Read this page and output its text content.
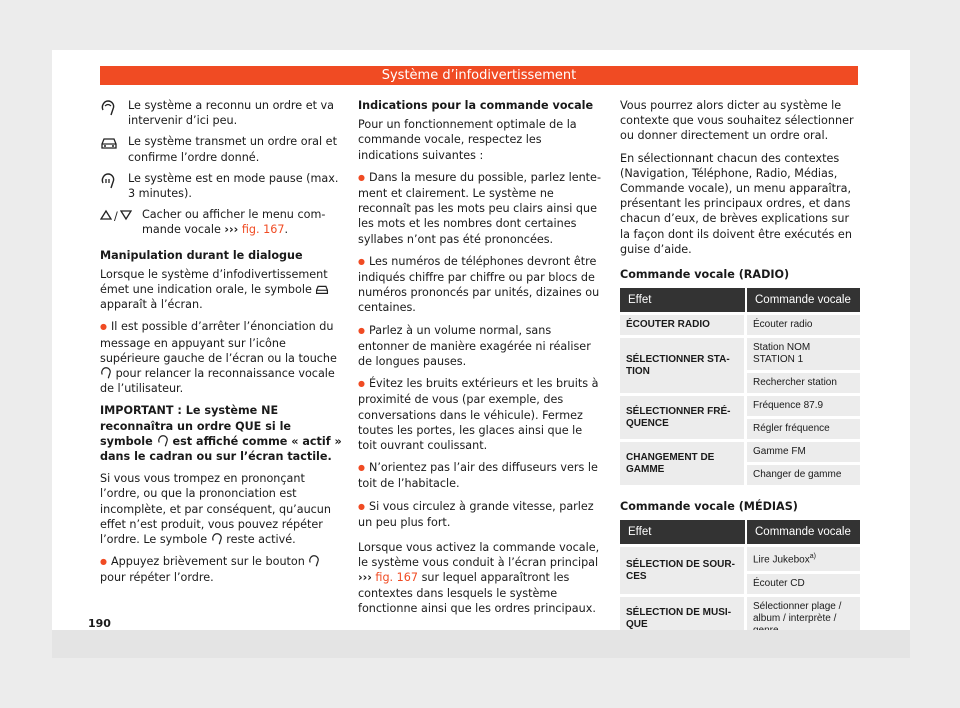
Système d’infodivertissement
Le système a reconnu un ordre et va intervenir d’ici peu.
Le système transmet un ordre oral et confirme l’ordre donné.
Le système est en mode pause (max. 3 minutes).
/ Cacher ou afficher le menu commande vocale ››› fig. 167.

Manipulation durant le dialogue

Lorsque le système d’infodivertissement émet une indication orale, le symbole apparaît à l’écran.

● Il est possible d’arrêter l’énonciation du message en appuyant sur l’icône supérieure gauche de l’écran ou la touche  pour relancer la reconnaissance vocale de l’utilisateur.

IMPORTANT : Le système NE reconnaîtra un ordre QUE si le symbole est affiché comme « actif » dans le cadran ou sur l’écran tactile.

Si vous vous trompez en prononçant l’ordre, ou que la prononciation est incomplète, et par conséquent, qu’aucun effet n’est produit, vous pouvez répéter l’ordre. Le symbole reste activé.

● Appuyez brièvement sur le bouton  pour répéter l’ordre.

Indications pour la commande vocale

Pour un fonctionnement optimale de la commande vocale, respectez les indications suivantes :

● Dans la mesure du possible, parlez lentement et clairement. Le système ne reconnaît pas les mots peu clairs ainsi que les mots et les nombres dont certaines syllabes n’ont pas été prononcées.

● Les numéros de téléphones devront être indiqués chiffre par chiffre ou par blocs de numéros prononcés par unités, dizaines ou centaines.

● Parlez à un volume normal, sans entonner de manière exagérée ni réaliser de longues pauses.

● Évitez les bruits extérieurs et les bruits à proximité de vous (par exemple, des conversations dans le véhicule). Fermez toutes les portes, les glaces ainsi que le toit ouvrant coulissant.

● N’orientez pas l’air des diffuseurs vers le toit de l’habitacle.

● Si vous circulez à grande vitesse, parlez un peu plus fort.

Lorsque vous activez la commande vocale, le système vous conduit à l’écran principal ››› fig. 167 sur lequel apparaîtront les contextes dans lesquels le système fonctionne ainsi que les ordres principaux.

Vous pourrez alors dicter au système le contexte que vous souhaitez sélectionner ou donner directement un ordre oral.

En sélectionnant chacun des contextes (Navigation, Téléphone, Radio, Médias, Commande vocale), un menu apparaîtra, présentant les principaux ordres, et dans chacun d’eux, de brèves explications sur la façon dont ils doivent être exécutés en guise d’aide.

Commande vocale (RADIO)

Effet	Commande vocale
ÉCOUTER RADIO	Écouter radio
SÉLECTIONNER STATION	Station NOM STATION 1
	Rechercher station
SÉLECTIONNER FRÉQUENCE	Fréquence 87.9
	Régler fréquence
CHANGEMENT DE GAMME	Gamme FM
	Changer de gamme

Commande vocale (MÉDIAS)

Effet	Commande vocale
SÉLECTION DE SOURCES	Lire Jukebox$^{a)}$
	Écouter CD
SÉLECTION DE MUSIQUE	Sélectionner plage / album / interprète /
190
